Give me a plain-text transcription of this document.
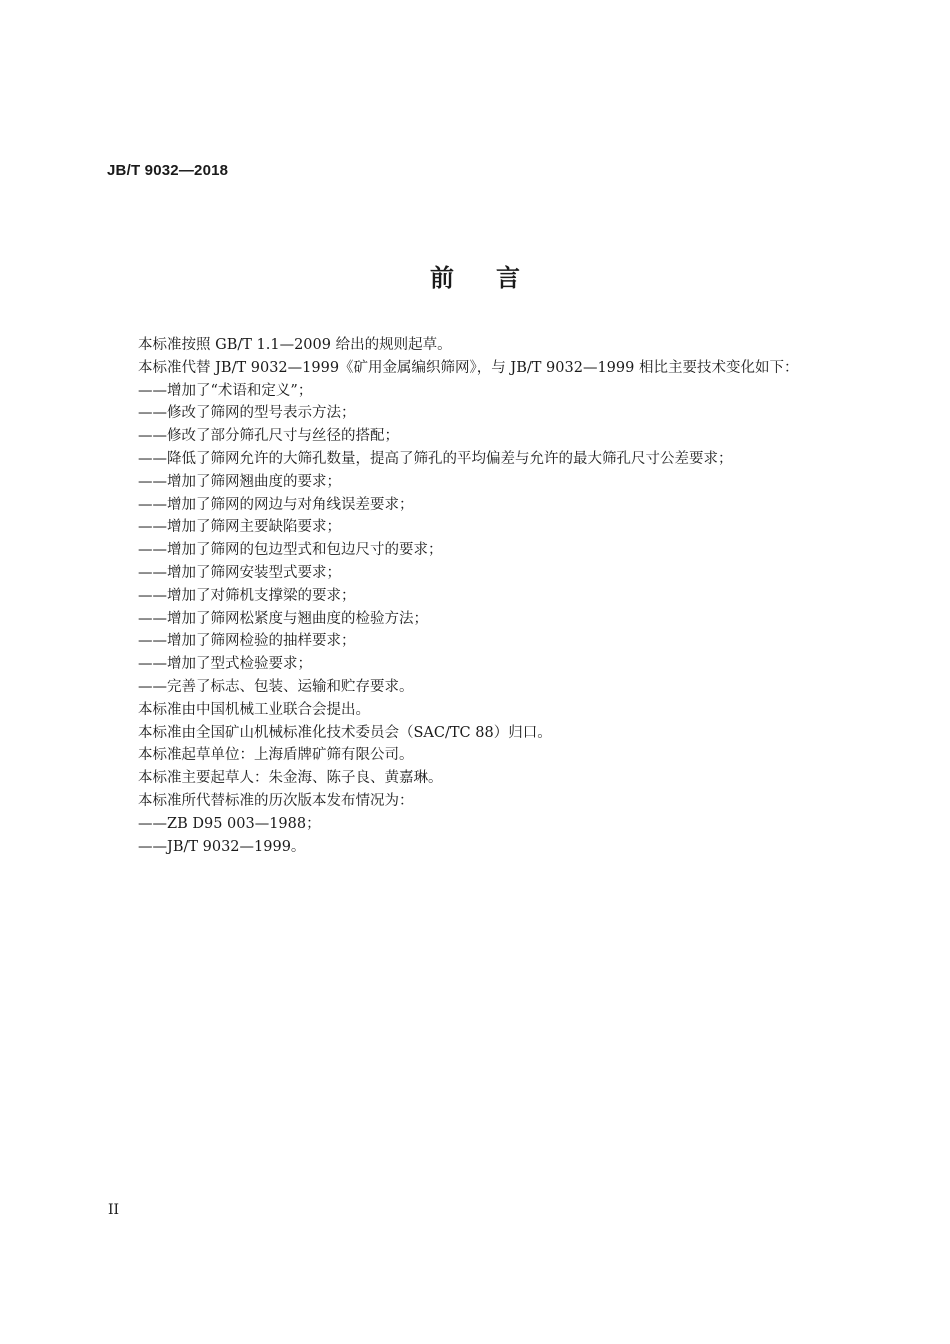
JB/T 9032—2018
前言
本标准按照 GB/T 1.1—2009 给出的规则起草。
本标准代替 JB/T 9032—1999《矿用金属编织筛网》，与 JB/T 9032—1999 相比主要技术变化如下：
——增加了“术语和定义”；
——修改了筛网的型号表示方法；
——修改了部分筛孔尺寸与丝径的搭配；
——降低了筛网允许的大筛孔数量，提高了筛孔的平均偏差与允许的最大筛孔尺寸公差要求；
——增加了筛网翘曲度的要求；
——增加了筛网的网边与对角线误差要求；
——增加了筛网主要缺陷要求；
——增加了筛网的包边型式和包边尺寸的要求；
——增加了筛网安装型式要求；
——增加了对筛机支撑梁的要求；
——增加了筛网松紧度与翘曲度的检验方法；
——增加了筛网检验的抽样要求；
——增加了型式检验要求；
——完善了标志、包装、运输和贮存要求。
本标准由中国机械工业联合会提出。
本标准由全国矿山机械标准化技术委员会（SAC/TC 88）归口。
本标准起草单位：上海盾牌矿筛有限公司。
本标准主要起草人：朱金海、陈子良、黄嘉琳。
本标准所代替标准的历次版本发布情况为：
——ZB D95 003—1988；
——JB/T 9032—1999。
II
